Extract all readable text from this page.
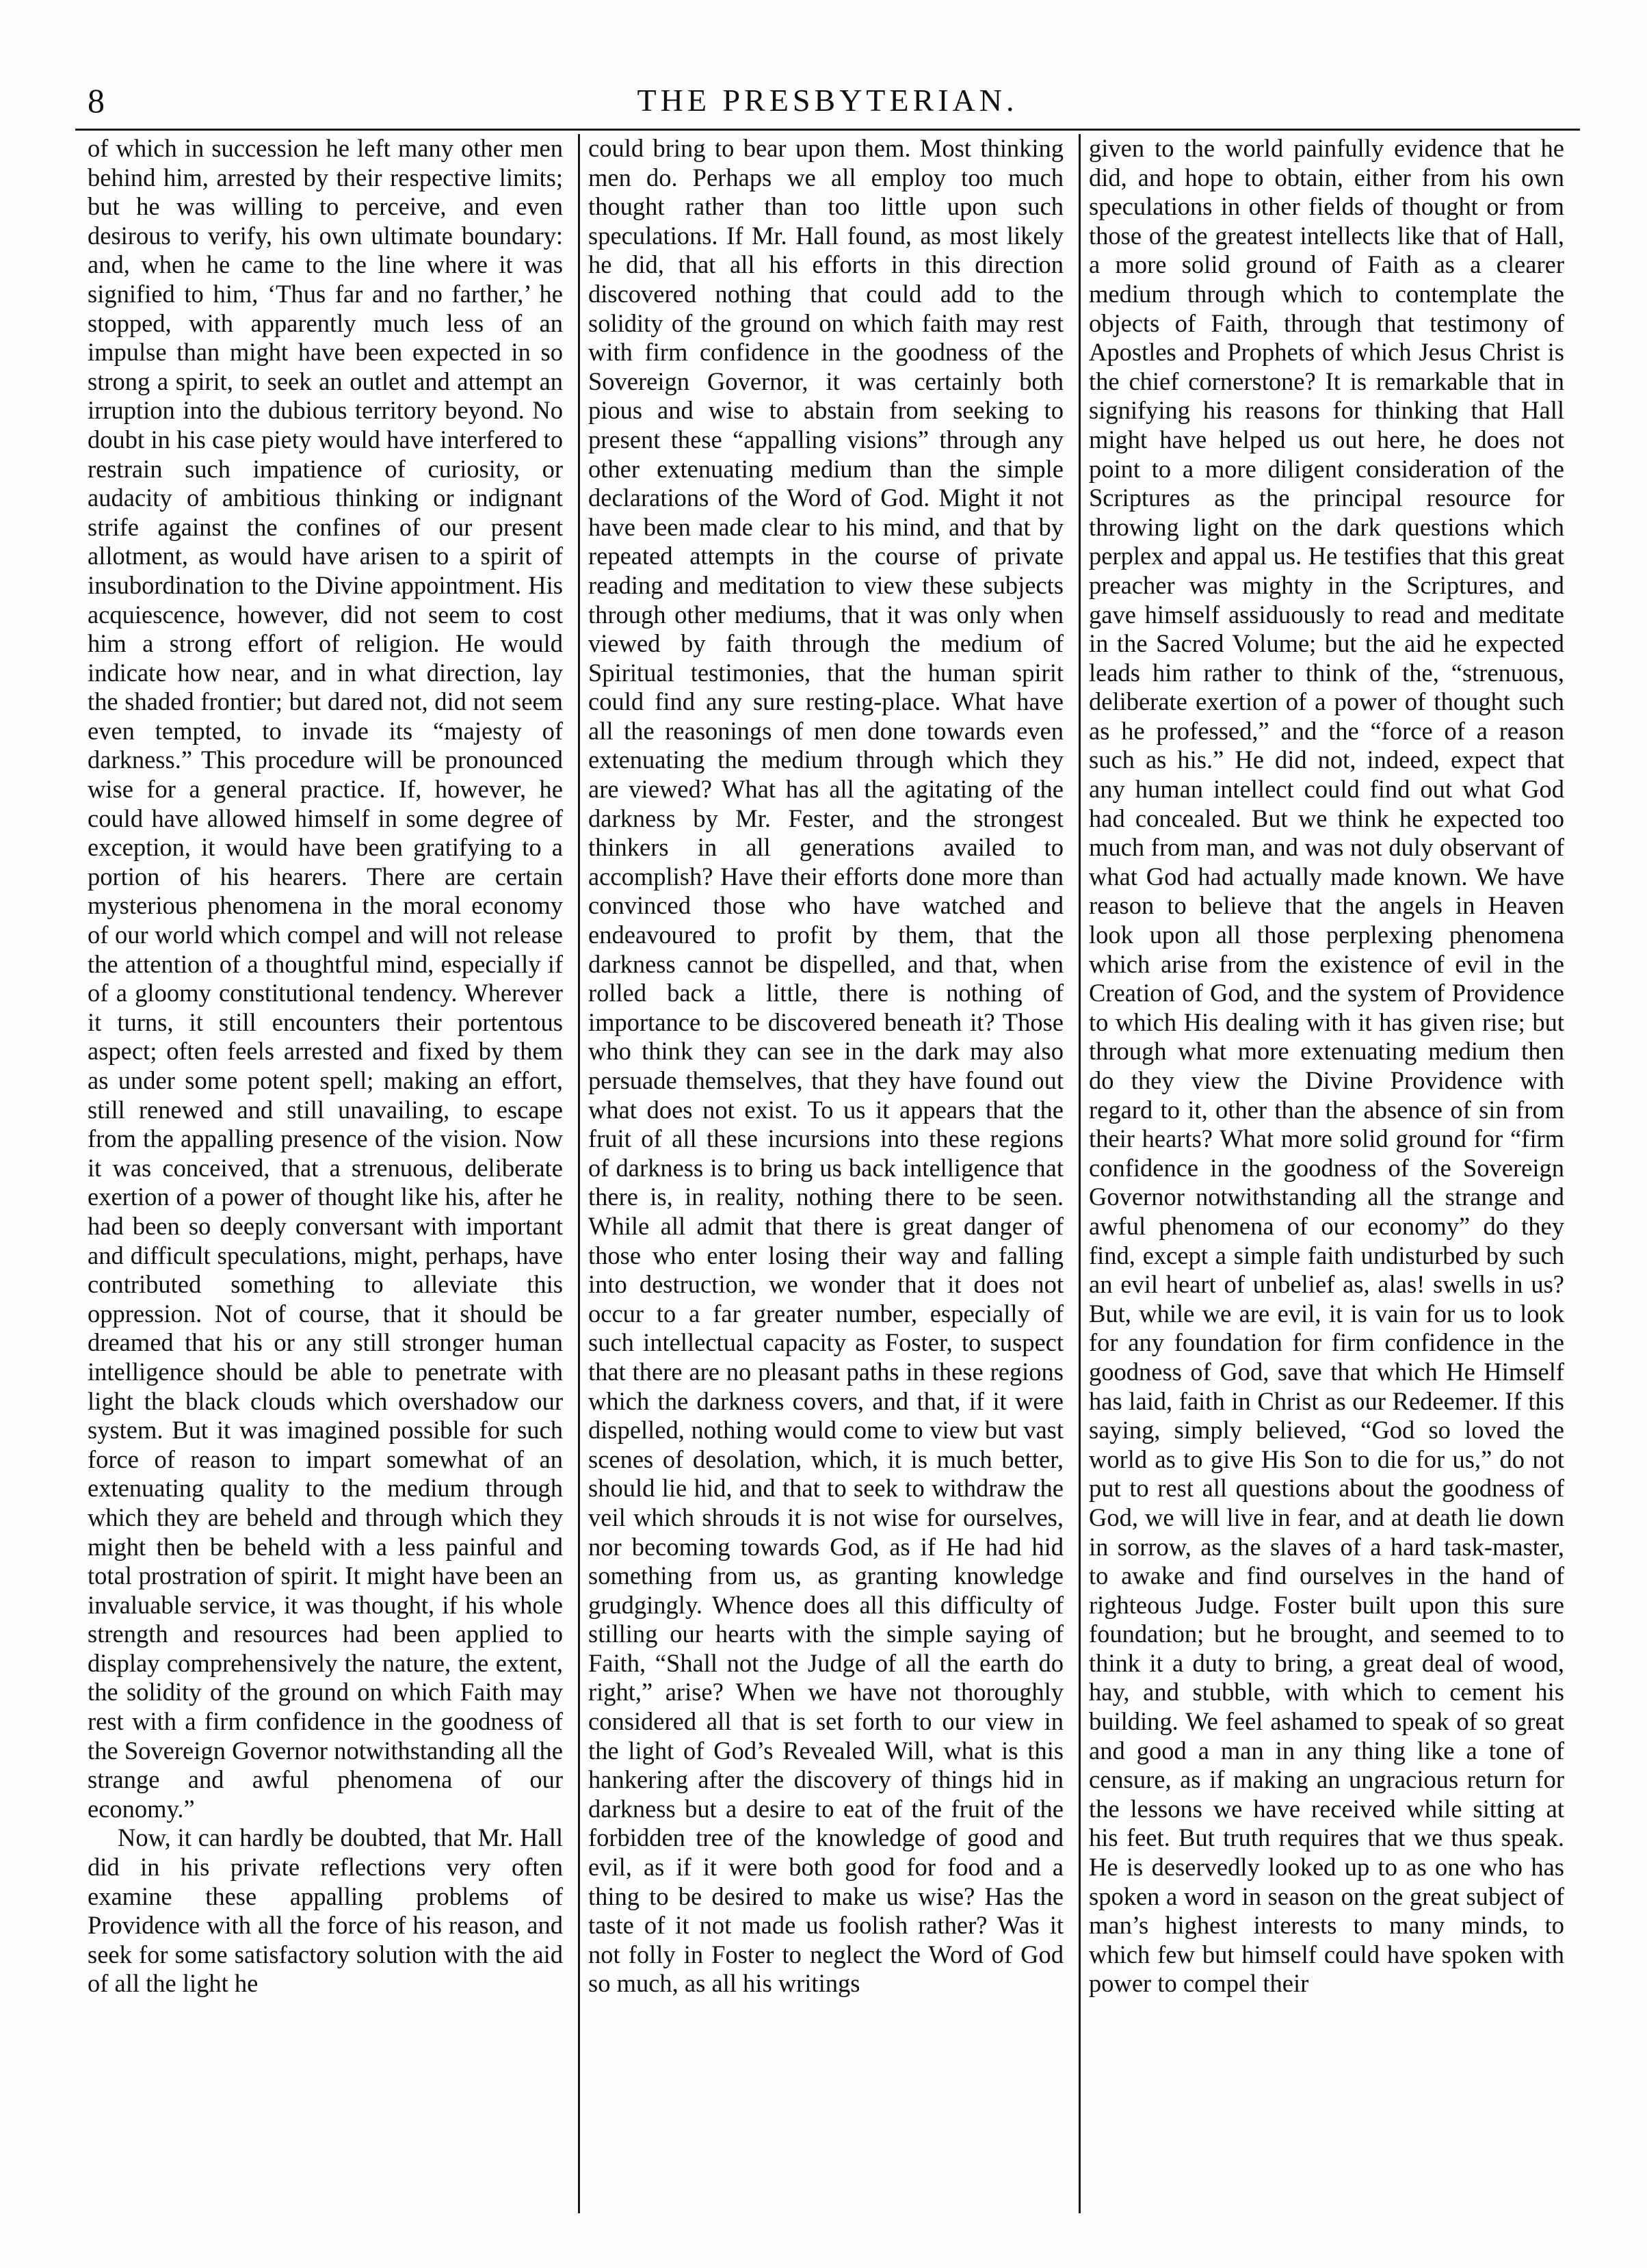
8	THE PRESBYTERIAN.

of which in succession he left many other men behind him, arrested by their respective limits; but he was willing to perceive, and even desirous to verify, his own ultimate boundary: and, when he came to the line where it was signified to him, ‘Thus far and no farther,’ he stopped, with apparently much less of an impulse than might have been expected in so strong a spirit, to seek an outlet and attempt an irruption into the dubious territory beyond. No doubt in his case piety would have interfered to restrain such impatience of curiosity, or audacity of ambitious thinking or indignant strife against the confines of our present allotment, as would have arisen to a spirit of insubordination to the Divine appointment. His acquiescence, however, did not seem to cost him a strong effort of religion. He would indicate how near, and in what direction, lay the shaded frontier; but dared not, did not seem even tempted, to invade its “majesty of darkness.” This procedure will be pronounced wise for a general practice. If, however, he could have allowed himself in some degree of exception, it would have been gratifying to a portion of his hearers. There are certain mysterious phenomena in the moral economy of our world which compel and will not release the attention of a thoughtful mind, especially if of a gloomy constitutional tendency. Wherever it turns, it still encounters their portentous aspect; often feels arrested and fixed by them as under some potent spell; making an effort, still renewed and still unavailing, to escape from the appalling presence of the vision. Now it was conceived, that a strenuous, deliberate exertion of a power of thought like his, after he had been so deeply conversant with important and difficult speculations, might, perhaps, have contributed something to alleviate this oppression. Not of course, that it should be dreamed that his or any still stronger human intelligence should be able to penetrate with light the black clouds which overshadow our system. But it was imagined possible for such force of reason to impart somewhat of an extenuating quality to the medium through which they are beheld and through which they might then be beheld with a less painful and total prostration of spirit. It might have been an invaluable service, it was thought, if his whole strength and resources had been applied to display comprehensively the nature, the extent, the solidity of the ground on which Faith may rest with a firm confidence in the goodness of the Sovereign Governor notwithstanding all the strange and awful phenomena of our economy.”

Now, it can hardly be doubted, that Mr. Hall did in his private reflections very often examine these appalling problems of Providence with all the force of his reason, and seek for some satisfactory solution with the aid of all the light he

could bring to bear upon them. Most thinking men do. Perhaps we all employ too much thought rather than too little upon such speculations. If Mr. Hall found, as most likely he did, that all his efforts in this direction discovered nothing that could add to the solidity of the ground on which faith may rest with firm confidence in the goodness of the Sovereign Governor, it was certainly both pious and wise to abstain from seeking to present these “appalling visions” through any other extenuating medium than the simple declarations of the Word of God. Might it not have been made clear to his mind, and that by repeated attempts in the course of private reading and meditation to view these subjects through other mediums, that it was only when viewed by faith through the medium of Spiritual testimonies, that the human spirit could find any sure resting-place. What have all the reasonings of men done towards even extenuating the medium through which they are viewed? What has all the agitating of the darkness by Mr. Fester, and the strongest thinkers in all generations availed to accomplish? Have their efforts done more than convinced those who have watched and endeavoured to profit by them, that the darkness cannot be dispelled, and that, when rolled back a little, there is nothing of importance to be discovered beneath it? Those who think they can see in the dark may also persuade themselves, that they have found out what does not exist. To us it appears that the fruit of all these incursions into these regions of darkness is to bring us back intelligence that there is, in reality, nothing there to be seen. While all admit that there is great danger of those who enter losing their way and falling into destruction, we wonder that it does not occur to a far greater number, especially of such intellectual capacity as Foster, to suspect that there are no pleasant paths in these regions which the darkness covers, and that, if it were dispelled, nothing would come to view but vast scenes of desolation, which, it is much better, should lie hid, and that to seek to withdraw the veil which shrouds it is not wise for ourselves, nor becoming towards God, as if He had hid something from us, as granting knowledge grudgingly. Whence does all this difficulty of stilling our hearts with the simple saying of Faith, “Shall not the Judge of all the earth do right,” arise? When we have not thoroughly considered all that is set forth to our view in the light of God’s Revealed Will, what is this hankering after the discovery of things hid in darkness but a desire to eat of the fruit of the forbidden tree of the knowledge of good and evil, as if it were both good for food and a thing to be desired to make us wise? Has the taste of it not made us foolish rather? Was it not folly in Foster to neglect the Word of God so much, as all his writings

given to the world painfully evidence that he did, and hope to obtain, either from his own speculations in other fields of thought or from those of the greatest intellects like that of Hall, a more solid ground of Faith as a clearer medium through which to contemplate the objects of Faith, through that testimony of Apostles and Prophets of which Jesus Christ is the chief cornerstone? It is remarkable that in signifying his reasons for thinking that Hall might have helped us out here, he does not point to a more diligent consideration of the Scriptures as the principal resource for throwing light on the dark questions which perplex and appal us. He testifies that this great preacher was mighty in the Scriptures, and gave himself assiduously to read and meditate in the Sacred Volume; but the aid he expected leads him rather to think of the, “strenuous, deliberate exertion of a power of thought such as he professed,” and the “force of a reason such as his.” He did not, indeed, expect that any human intellect could find out what God had concealed. But we think he expected too much from man, and was not duly observant of what God had actually made known. We have reason to believe that the angels in Heaven look upon all those perplexing phenomena which arise from the existence of evil in the Creation of God, and the system of Providence to which His dealing with it has given rise; but through what more extenuating medium then do they view the Divine Providence with regard to it, other than the absence of sin from their hearts? What more solid ground for “firm confidence in the goodness of the Sovereign Governor notwithstanding all the strange and awful phenomena of our economy” do they find, except a simple faith undisturbed by such an evil heart of unbelief as, alas! swells in us? But, while we are evil, it is vain for us to look for any foundation for firm confidence in the goodness of God, save that which He Himself has laid, faith in Christ as our Redeemer. If this saying, simply believed, “God so loved the world as to give His Son to die for us,” do not put to rest all questions about the goodness of God, we will live in fear, and at death lie down in sorrow, as the slaves of a hard task-master, to awake and find ourselves in the hand of righteous Judge. Foster built upon this sure foundation; but he brought, and seemed to to think it a duty to bring, a great deal of wood, hay, and stubble, with which to cement his building. We feel ashamed to speak of so great and good a man in any thing like a tone of censure, as if making an ungracious return for the lessons we have received while sitting at his feet. But truth requires that we thus speak. He is deservedly looked up to as one who has spoken a word in season on the great subject of man’s highest interests to many minds, to which few but himself could have spoken with power to compel their
